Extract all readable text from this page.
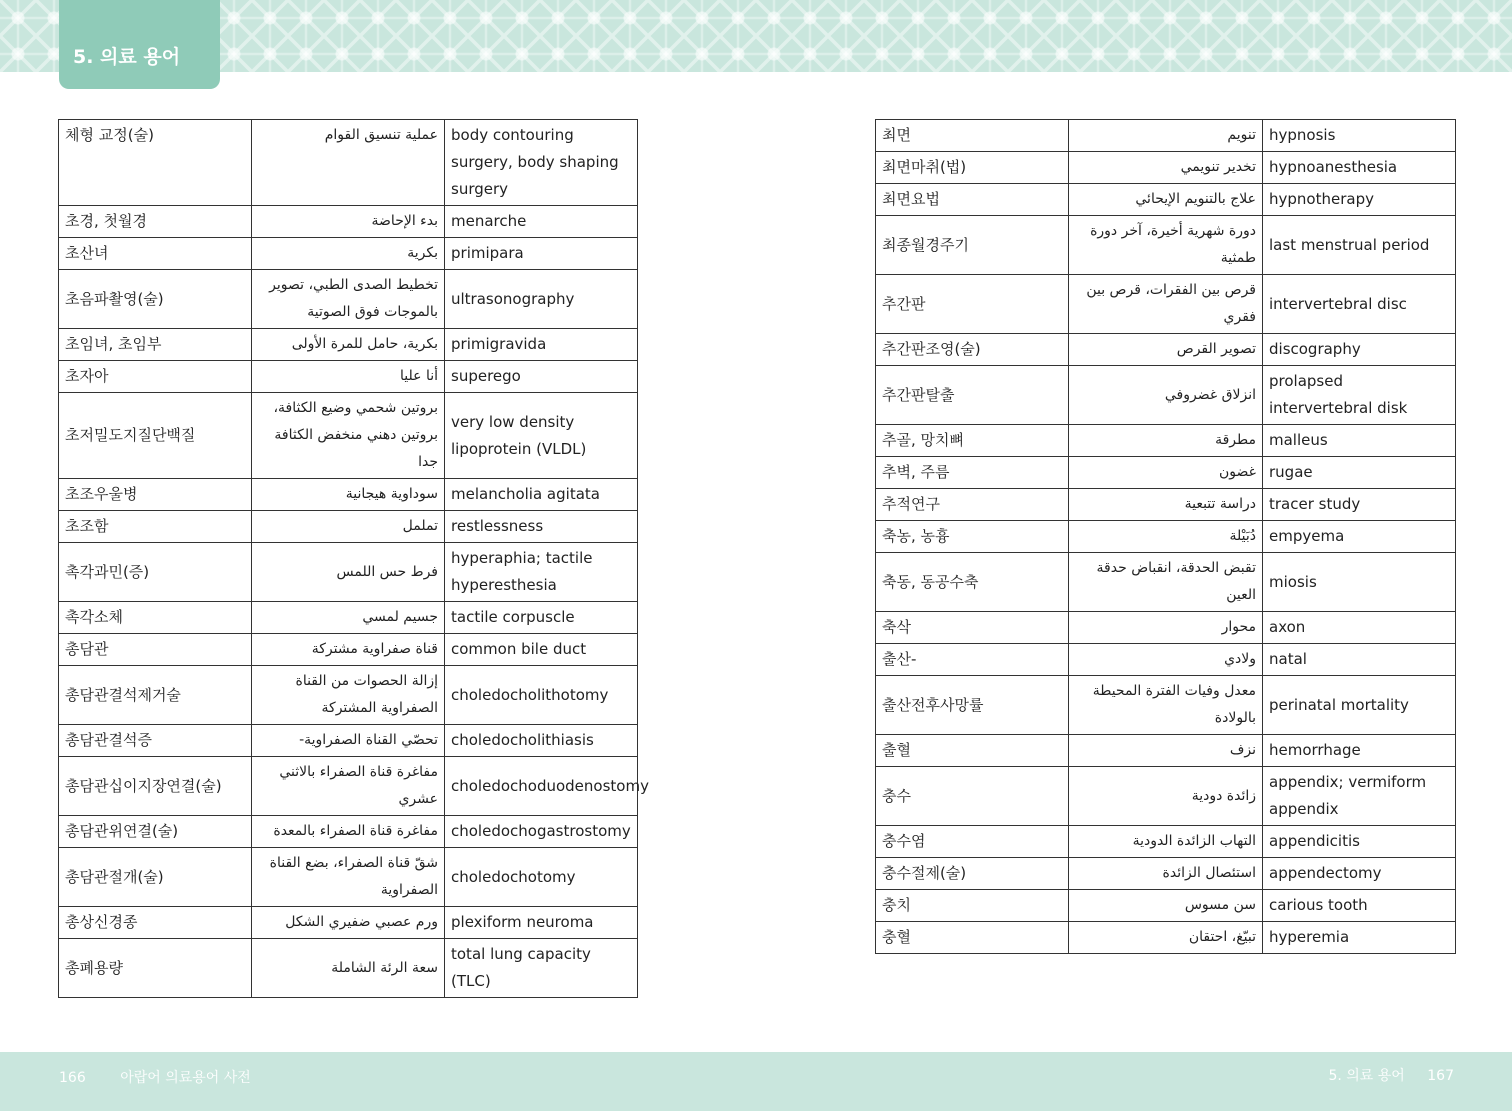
5. 의료 용어
체형 교정(술)	عملية تنسيق القوام	body contouring surgery, body shaping surgery
초경, 첫월경	بدء الإحاضة	menarche
초산녀	بكرية	primipara
초음파촬영(술)	تخطيط الصدى الطبي، تصوير بالموجات فوق الصوتية	ultrasonography
초임녀, 초임부	بكرية، حامل للمرة الأولى	primigravida
초자아	أنا عليا	superego
초저밀도지질단백질	بروتين شحمي وضيع الكثافة، بروتين دهني منخفض الكثافة جدا	very low density lipoprotein (VLDL)
초조우울병	سوداوية هيجانية	melancholia agitata
초조함	تململ	restlessness
촉각과민(증)	فرط حس اللمس	hyperaphia; tactile hyperesthesia
촉각소체	جسيم لمسي	tactile corpuscle
총담관	قناة صفراوية مشتركة	common bile duct
총담관결석제거술	إزالة الحصوات من القناة الصفراوية المشتركة	choledocholithotomy
총담관결석증	تحصّي القناة الصفراوية-	choledocholithiasis
총담관십이지장연결(술)	مفاغرة قناة الصفراء بالاثني عشري	choledochoduodenostomy
총담관위연결(술)	مفاغرة قناة الصفراء بالمعدة	choledochogastrostomy
총담관절개(술)	شقّ قناة الصفراء، بضع القناة الصفراوية	choledochotomy
총상신경종	ورم عصبي ضفيري الشكل	plexiform neuroma
총폐용량	سعة الرئة الشاملة	total lung capacity (TLC)
최면	تنويم	hypnosis
최면마취(법)	تخدير تنويمي	hypnoanesthesia
최면요법	علاج بالتنويم الإيحائي	hypnotherapy
최종월경주기	دورة شهرية أخيرة، آخر دورة طمثية	last menstrual period
추간판	قرص بين الفقرات، قرص بين فقري	intervertebral disc
추간판조영(술)	تصوير القرص	discography
추간판탈출	انزلاق غضروفي	prolapsed intervertebral disk
추골, 망치뼈	مطرقة	malleus
추벽, 주름	غضون	rugae
추적연구	دراسة تتبعية	tracer study
축농, 농흉	دُبَيْلة	empyema
축동, 동공수축	تقبض الحدقة، انقباض حدقة العين	miosis
축삭	محوار	axon
출산-	ولادي	natal
출산전후사망률	معدل وفيات الفترة المحيطة بالولادة	perinatal mortality
출혈	نزف	hemorrhage
충수	زائدة دودية	appendix; vermiform appendix
충수염	التهاب الزائدة الدودية	appendicitis
충수절제(술)	استئصال الزائدة	appendectomy
충치	سن مسوس	carious tooth
충혈	تبيّغ، احتقان	hyperemia
166 아랍어 의료용어 사전	5. 의료 용어 167
